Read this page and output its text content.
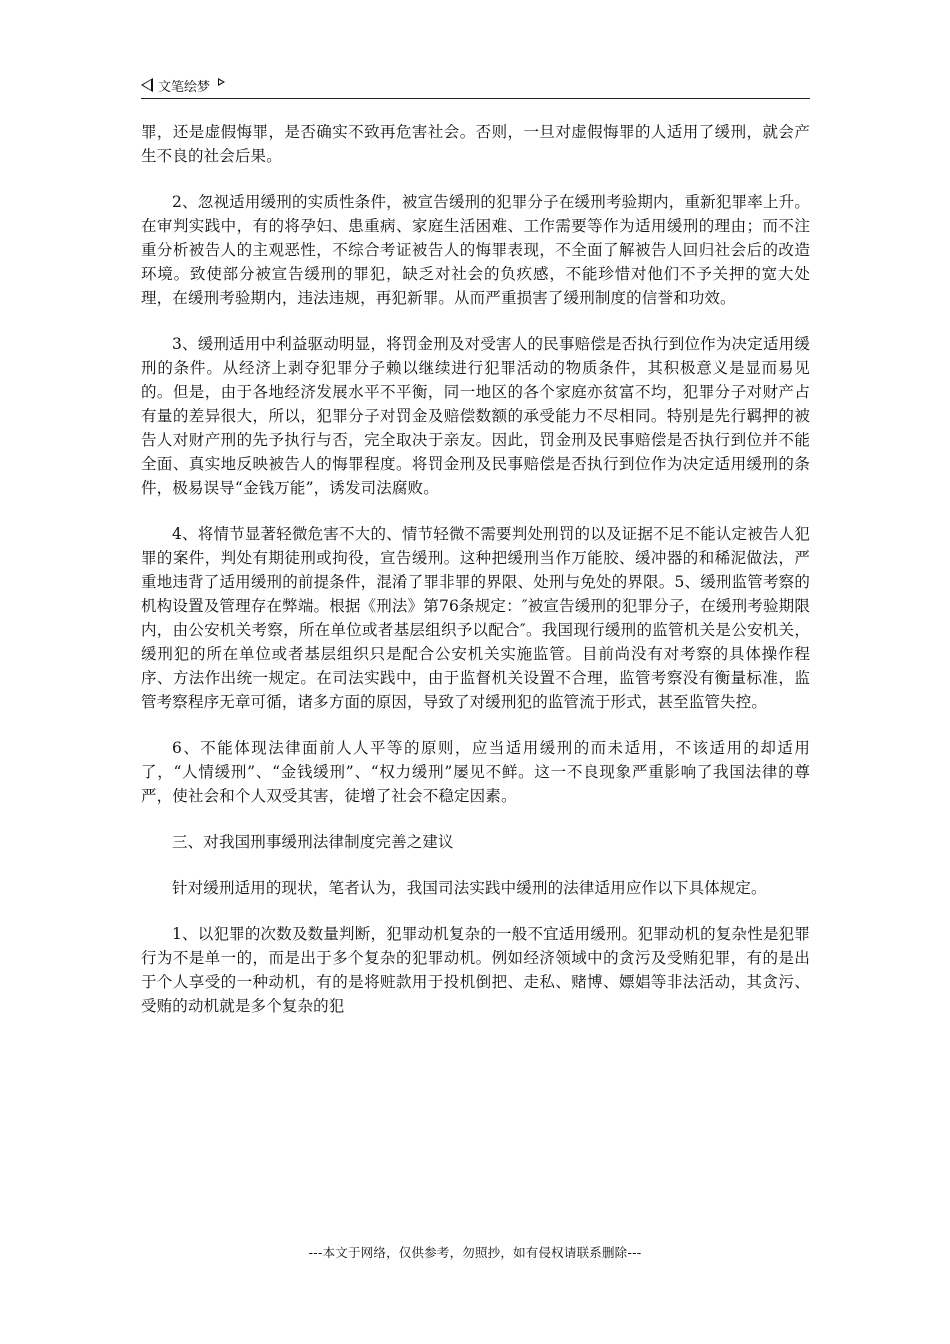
文笔绘梦

罪，还是虚假悔罪，是否确实不致再危害社会。否则，一旦对虚假悔罪的人适用了缓刑，就会产生不良的社会后果。

2、忽视适用缓刑的实质性条件，被宣告缓刑的犯罪分子在缓刑考验期内，重新犯罪率上升。在审判实践中，有的将孕妇、患重病、家庭生活困难、工作需要等作为适用缓刑的理由；而不注重分析被告人的主观恶性，不综合考证被告人的悔罪表现，不全面了解被告人回归社会后的改造环境。致使部分被宣告缓刑的罪犯，缺乏对社会的负疚感，不能珍惜对他们不予关押的宽大处理，在缓刑考验期内，违法违规，再犯新罪。从而严重损害了缓刑制度的信誉和功效。

3、缓刑适用中利益驱动明显，将罚金刑及对受害人的民事赔偿是否执行到位作为决定适用缓刑的条件。从经济上剥夺犯罪分子赖以继续进行犯罪活动的物质条件，其积极意义是显而易见的。但是，由于各地经济发展水平不平衡，同一地区的各个家庭亦贫富不均，犯罪分子对财产占有量的差异很大，所以，犯罪分子对罚金及赔偿数额的承受能力不尽相同。特别是先行羁押的被告人对财产刑的先予执行与否，完全取决于亲友。因此，罚金刑及民事赔偿是否执行到位并不能全面、真实地反映被告人的悔罪程度。将罚金刑及民事赔偿是否执行到位作为决定适用缓刑的条件，极易误导“金钱万能”，诱发司法腐败。

4、将情节显著轻微危害不大的、情节轻微不需要判处刑罚的以及证据不足不能认定被告人犯罪的案件，判处有期徒刑或拘役，宣告缓刑。这种把缓刑当作万能胶、缓冲器的和稀泥做法，严重地违背了适用缓刑的前提条件，混淆了罪非罪的界限、处刑与免处的界限。5、缓刑监管考察的机构设置及管理存在弊端。根据《刑法》第76条规定：″被宣告缓刑的犯罪分子，在缓刑考验期限内，由公安机关考察，所在单位或者基层组织予以配合″。我国现行缓刑的监管机关是公安机关，缓刑犯的所在单位或者基层组织只是配合公安机关实施监管。目前尚没有对考察的具体操作程序、方法作出统一规定。在司法实践中，由于监督机关设置不合理，监管考察没有衡量标准，监管考察程序无章可循，诸多方面的原因，导致了对缓刑犯的监管流于形式，甚至监管失控。

6、不能体现法律面前人人平等的原则，应当适用缓刑的而未适用，不该适用的却适用了，“人情缓刑”、“金钱缓刑”、“权力缓刑”屡见不鲜。这一不良现象严重影响了我国法律的尊严，使社会和个人双受其害，徒增了社会不稳定因素。

三、对我国刑事缓刑法律制度完善之建议

针对缓刑适用的现状，笔者认为，我国司法实践中缓刑的法律适用应作以下具体规定。

1、以犯罪的次数及数量判断，犯罪动机复杂的一般不宜适用缓刑。犯罪动机的复杂性是犯罪行为不是单一的，而是出于多个复杂的犯罪动机。例如经济领域中的贪污及受贿犯罪，有的是出于个人享受的一种动机，有的是将赃款用于投机倒把、走私、赌博、嫖娼等非法活动，其贪污、受贿的动机就是多个复杂的犯

---本文于网络，仅供参考，勿照抄，如有侵权请联系删除---
